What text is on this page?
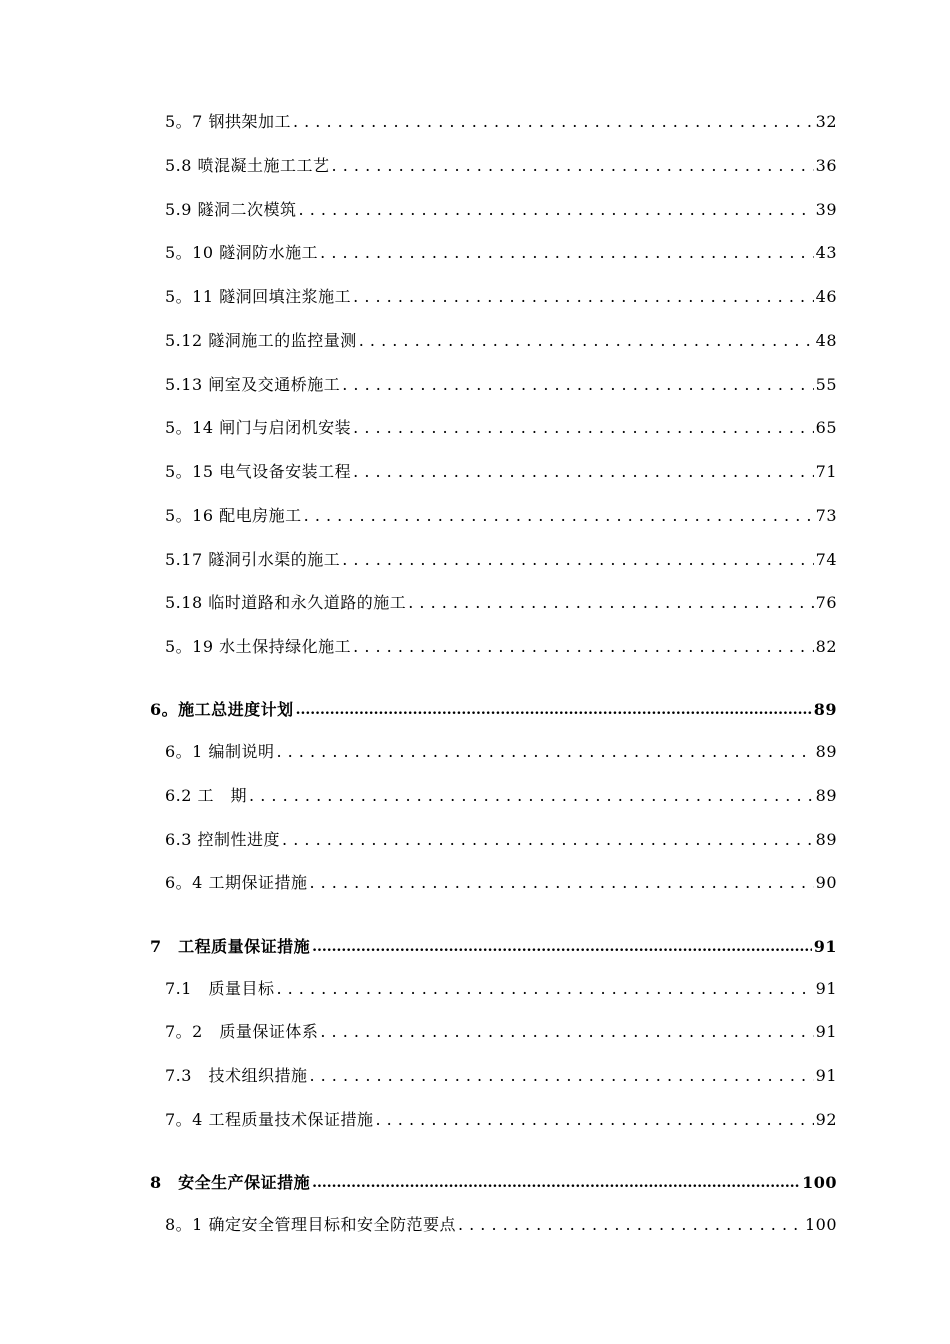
5。7 钢拱架加工 . . .	32
5.8 喷混凝土施工工艺 . . .	36
5.9 隧洞二次模筑 . . .	39
5。10 隧洞防水施工 . . .	43
5。11 隧洞回填注浆施工 . . .	46
5.12 隧洞施工的监控量测 . . .	48
5.13 闸室及交通桥施工 . . .	55
5。14 闸门与启闭机安装 . . .	65
5。15 电气设备安装工程 . . .	71
5。16 配电房施工 . . .	73
5.17 隧洞引水渠的施工 . . .	74
5.18 临时道路和永久道路的施工 . . .	76
5。19 水土保持绿化施工 . . .	82
6。施工总进度计划 .....	89
6。1 编制说明 . . .	89
6.2 工　期 . . .	89
6.3 控制性进度 . . .	89
6。4 工期保证措施 . . .	90
7　工程质量保证措施 .....	91
7.1　质量目标 . . .	91
7。2　质量保证体系 . . .	91
7.3　技术组织措施 . . .	91
7。4 工程质量技术保证措施 . . .	92
8　安全生产保证措施 .....	100
8。1 确定安全管理目标和安全防范要点 . . .	100
